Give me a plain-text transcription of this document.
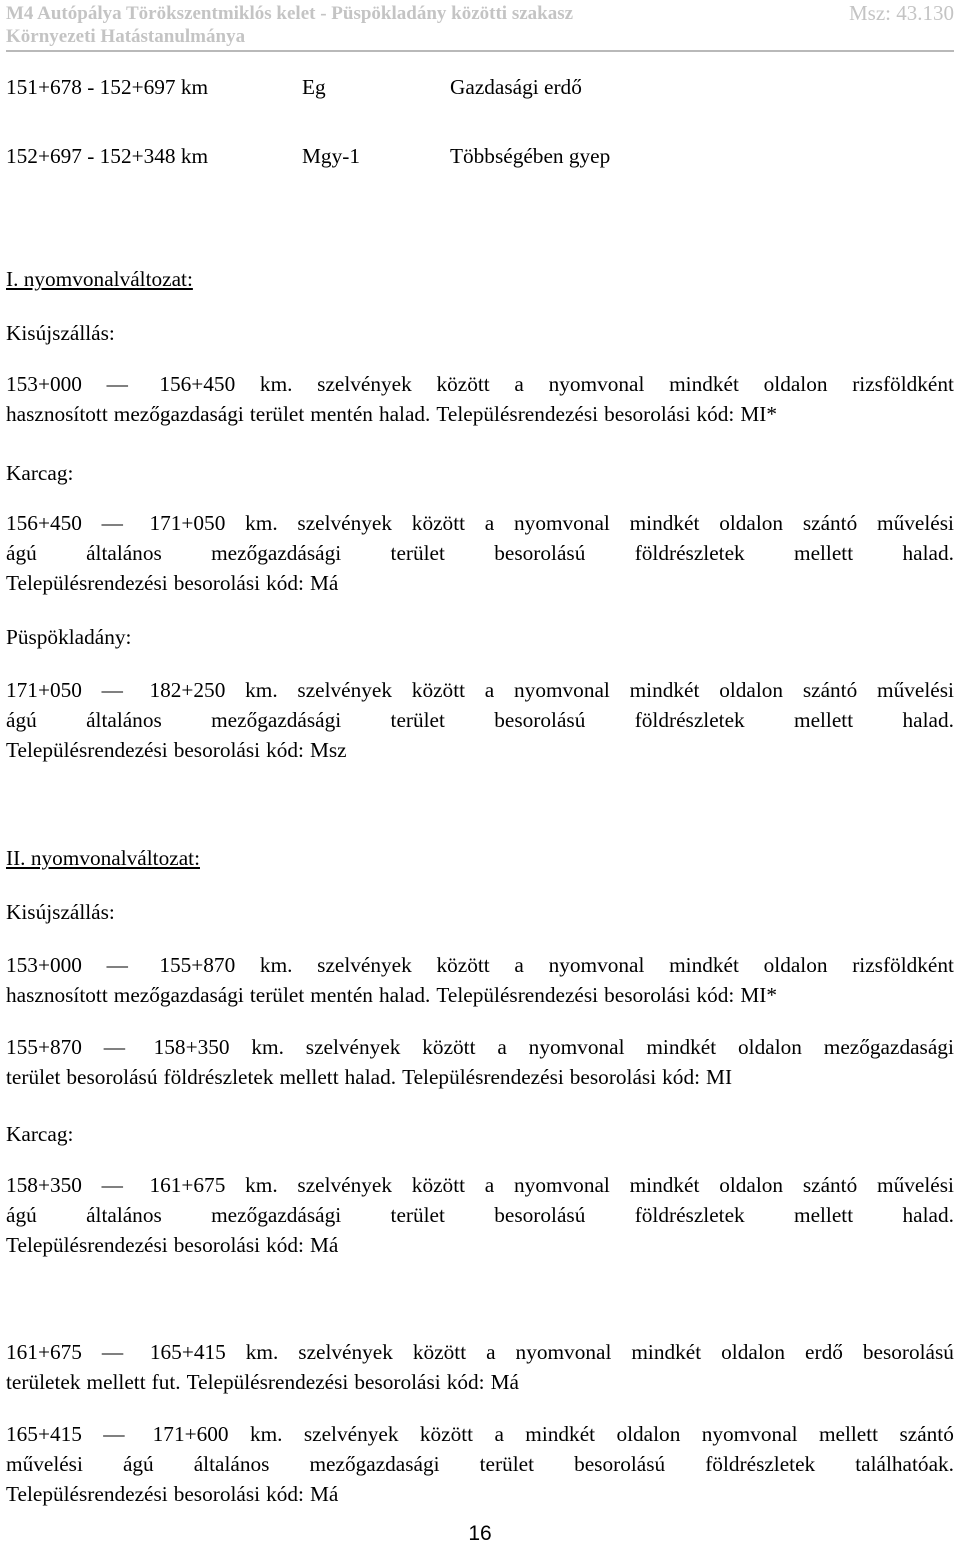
M4 Autópálya Törökszentmiklós kelet - Püspökladány közötti szakasz
Környezeti Hatástanulmánya
Msz: 43.130
151+678 - 152+697 km	Eg	Gazdasági erdő
152+697 - 152+348 km	Mgy-1	Többségében gyep
I. nyomvonalváltozat:
Kisújszállás:
153+000 —	156+450 km. szelvények között a nyomvonal mindkét oldalon rizsföldként
hasznosított mezőgazdasági terület mentén halad. Településrendezési besorolási kód: MI*
Karcag:
156+450 —	171+050 km. szelvények között a nyomvonal mindkét oldalon szántó művelési
ágú általános mezőgazdásági terület besorolású földrészletek mellett halad.
Településrendezési besorolási kód: Má
Püspökladány:
171+050 —	182+250 km. szelvények között a nyomvonal mindkét oldalon szántó művelési
ágú általános mezőgazdásági terület besorolású földrészletek mellett halad.
Településrendezési besorolási kód: Msz
II. nyomvonalváltozat:
Kisújszállás:
153+000 —	155+870 km. szelvények között a nyomvonal mindkét oldalon rizsföldként
hasznosított mezőgazdasági terület mentén halad. Településrendezési besorolási kód: MI*
155+870 —	158+350 km. szelvények között a nyomvonal mindkét oldalon mezőgazdasági
terület besorolású földrészletek mellett halad. Településrendezési besorolási kód: MI
Karcag:
158+350 —	161+675 km. szelvények között a nyomvonal mindkét oldalon szántó művelési
ágú általános mezőgazdásági terület besorolású földrészletek mellett halad.
Településrendezési besorolási kód: Má
161+675 —	165+415 km. szelvények között a nyomvonal mindkét oldalon erdő besorolású
területek mellett fut. Településrendezési besorolási kód: Má
165+415 —	171+600 km. szelvények között a mindkét oldalon nyomvonal mellett szántó
művelési ágú általános mezőgazdasági terület besorolású földrészletek találhatóak.
Településrendezési besorolási kód: Má
16
